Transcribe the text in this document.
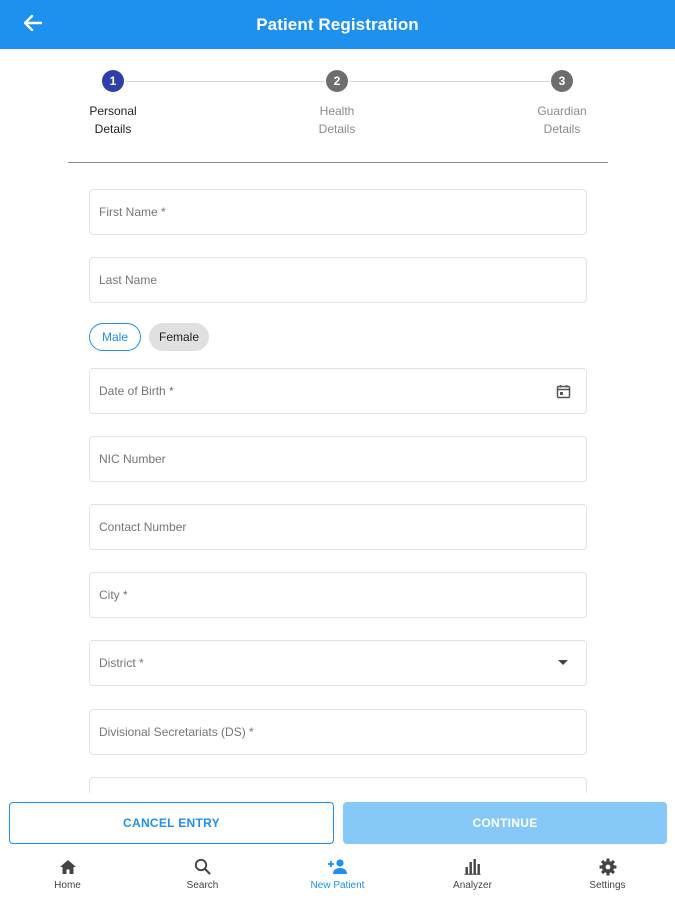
Patient Registration
1
Personal
Details
2
Health
Details
3
Guardian
Details
First Name *
Last Name
Male	Female
Date of Birth *
NIC Number
Contact Number
City *
District *
Divisional Secretariats (DS) *
CANCEL ENTRY	CONTINUE
Home	Search	New Patient	Analyzer	Settings
